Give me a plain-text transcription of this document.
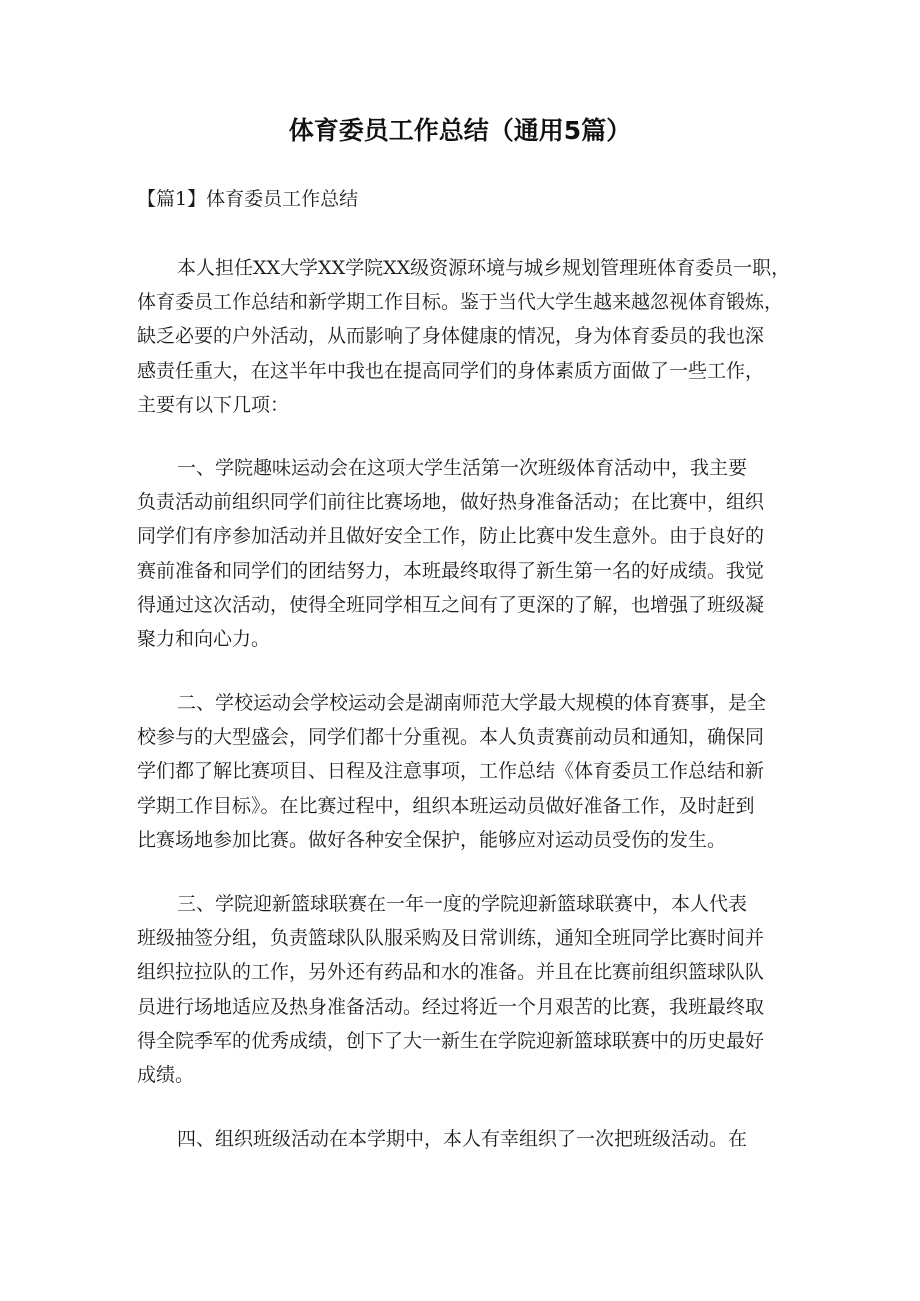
体育委员工作总结（通用5篇）
【篇1】体育委员工作总结
本人担任XX大学XX学院XX级资源环境与城乡规划管理班体育委员一职，
体育委员工作总结和新学期工作目标。鉴于当代大学生越来越忽视体育锻炼，
缺乏必要的户外活动，从而影响了身体健康的情况，身为体育委员的我也深
感责任重大，在这半年中我也在提高同学们的身体素质方面做了一些工作，
主要有以下几项：
一、学院趣味运动会在这项大学生活第一次班级体育活动中，我主要
负责活动前组织同学们前往比赛场地，做好热身准备活动；在比赛中，组织
同学们有序参加活动并且做好安全工作，防止比赛中发生意外。由于良好的
赛前准备和同学们的团结努力，本班最终取得了新生第一名的好成绩。我觉
得通过这次活动，使得全班同学相互之间有了更深的了解，也增强了班级凝
聚力和向心力。
二、学校运动会学校运动会是湖南师范大学最大规模的体育赛事，是全
校参与的大型盛会，同学们都十分重视。本人负责赛前动员和通知，确保同
学们都了解比赛项目、日程及注意事项，工作总结《体育委员工作总结和新
学期工作目标》。在比赛过程中，组织本班运动员做好准备工作，及时赶到
比赛场地参加比赛。做好各种安全保护，能够应对运动员受伤的发生。
三、学院迎新篮球联赛在一年一度的学院迎新篮球联赛中，本人代表
班级抽签分组，负责篮球队队服采购及日常训练，通知全班同学比赛时间并
组织拉拉队的工作，另外还有药品和水的准备。并且在比赛前组织篮球队队
员进行场地适应及热身准备活动。经过将近一个月艰苦的比赛，我班最终取
得全院季军的优秀成绩，创下了大一新生在学院迎新篮球联赛中的历史最好
成绩。
四、组织班级活动在本学期中，本人有幸组织了一次把班级活动。在
